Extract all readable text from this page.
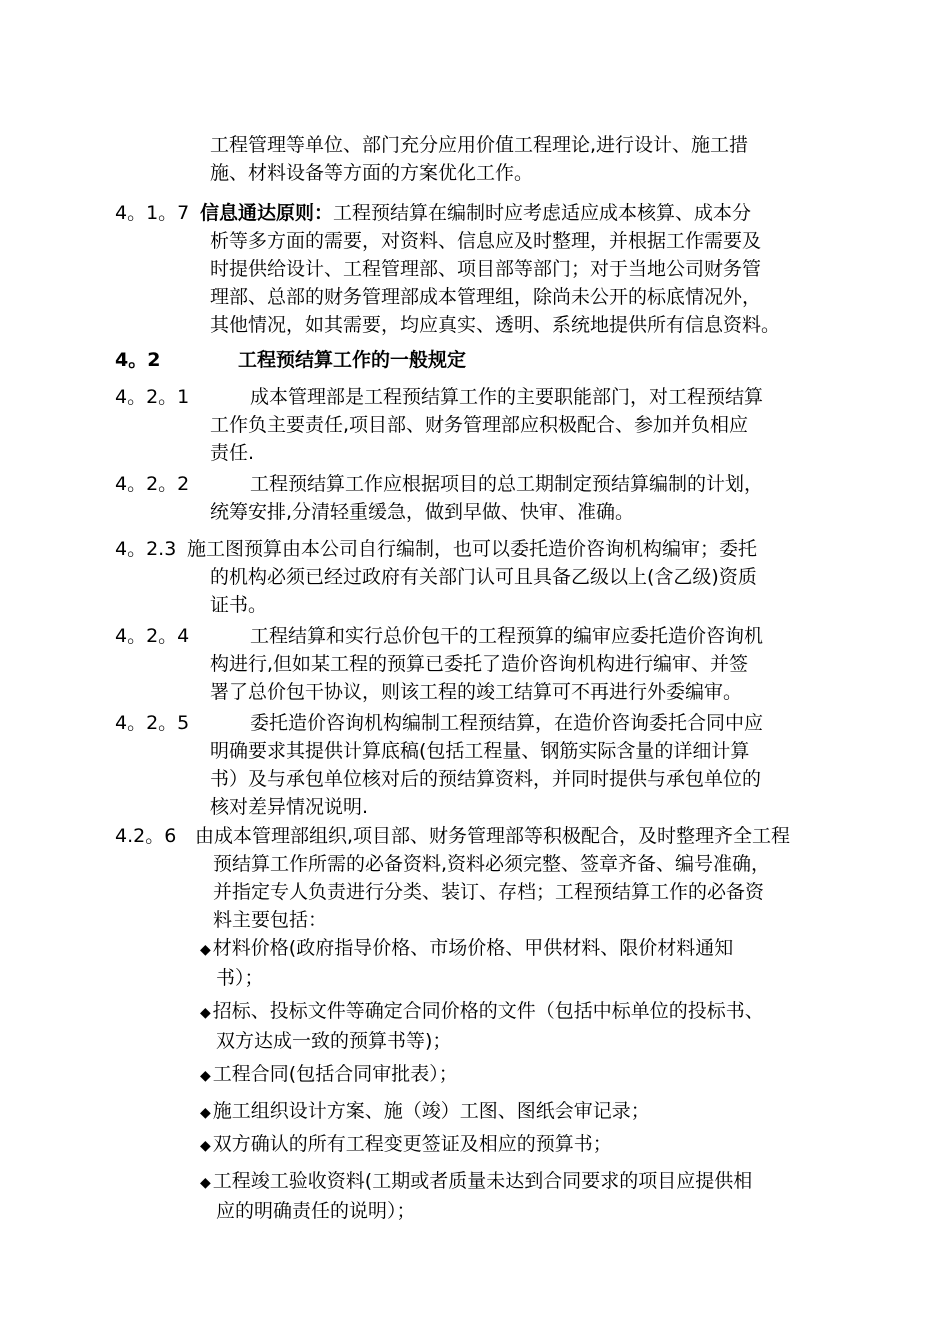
工程管理等单位、部门充分应用价值工程理论,进行设计、施工措
施、材料设备等方面的方案优化工作。
4。1。7 信息通达原则：工程预结算在编制时应考虑适应成本核算、成本分
析等多方面的需要，对资料、信息应及时整理，并根据工作需要及
时提供给设计、工程管理部、项目部等部门；对于当地公司财务管
理部、总部的财务管理部成本管理组，除尚未公开的标底情况外，
其他情况，如其需要，均应真实、透明、系统地提供所有信息资料。
4。2	工程预结算工作的一般规定
4。2。1	成本管理部是工程预结算工作的主要职能部门，对工程预结算
工作负主要责任,项目部、财务管理部应积极配合、参加并负相应
责任.
4。2。2	工程预结算工作应根据项目的总工期制定预结算编制的计划，
统筹安排,分清轻重缓急，做到早做、快审、准确。
4。2.3 施工图预算由本公司自行编制，也可以委托造价咨询机构编审；委托
的机构必须已经过政府有关部门认可且具备乙级以上(含乙级)资质
证书。
4。2。4	工程结算和实行总价包干的工程预算的编审应委托造价咨询机
构进行,但如某工程的预算已委托了造价咨询机构进行编审、并签
署了总价包干协议，则该工程的竣工结算可不再进行外委编审。
4。2。5	委托造价咨询机构编制工程预结算，在造价咨询委托合同中应
明确要求其提供计算底稿(包括工程量、钢筋实际含量的详细计算
书）及与承包单位核对后的预结算资料，并同时提供与承包单位的
核对差异情况说明.
4.2。6 由成本管理部组织,项目部、财务管理部等积极配合，及时整理齐全工程
预结算工作所需的必备资料,资料必须完整、签章齐备、编号准确，
并指定专人负责进行分类、装订、存档；工程预结算工作的必备资
料主要包括：
◆ 材料价格(政府指导价格、市场价格、甲供材料、限价材料通知
书）；
◆ 招标、投标文件等确定合同价格的文件（包括中标单位的投标书、
双方达成一致的预算书等)；
◆ 工程合同(包括合同审批表）；
◆ 施工组织设计方案、施（竣）工图、图纸会审记录；
◆ 双方确认的所有工程变更签证及相应的预算书；
◆ 工程竣工验收资料(工期或者质量未达到合同要求的项目应提供相
应的明确责任的说明）；
